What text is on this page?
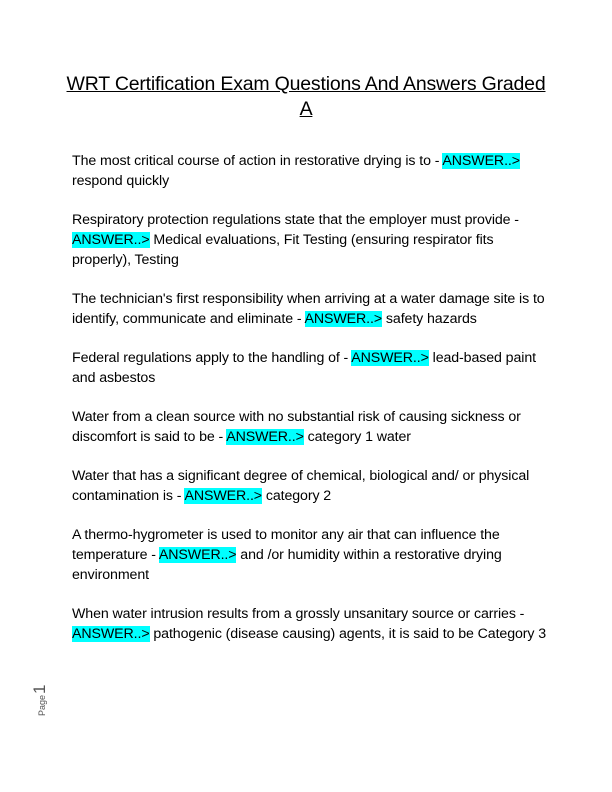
WRT Certification Exam Questions And Answers Graded A

The most critical course of action in restorative drying is to - ANSWER..> respond quickly

Respiratory protection regulations state that the employer must provide - ANSWER..> Medical evaluations, Fit Testing (ensuring respirator fits properly), Testing

The technician's first responsibility when arriving at a water damage site is to identify, communicate and eliminate - ANSWER..> safety hazards

Federal regulations apply to the handling of - ANSWER..> lead-based paint and asbestos

Water from a clean source with no substantial risk of causing sickness or discomfort is said to be - ANSWER..> category 1 water

Water that has a significant degree of chemical, biological and/ or physical contamination is - ANSWER..> category 2

A thermo-hygrometer is used to monitor any air that can influence the temperature - ANSWER..> and /or humidity within a restorative drying environment

When water intrusion results from a grossly unsanitary source or carries - ANSWER..> pathogenic (disease causing) agents, it is said to be Category 3

Page1
